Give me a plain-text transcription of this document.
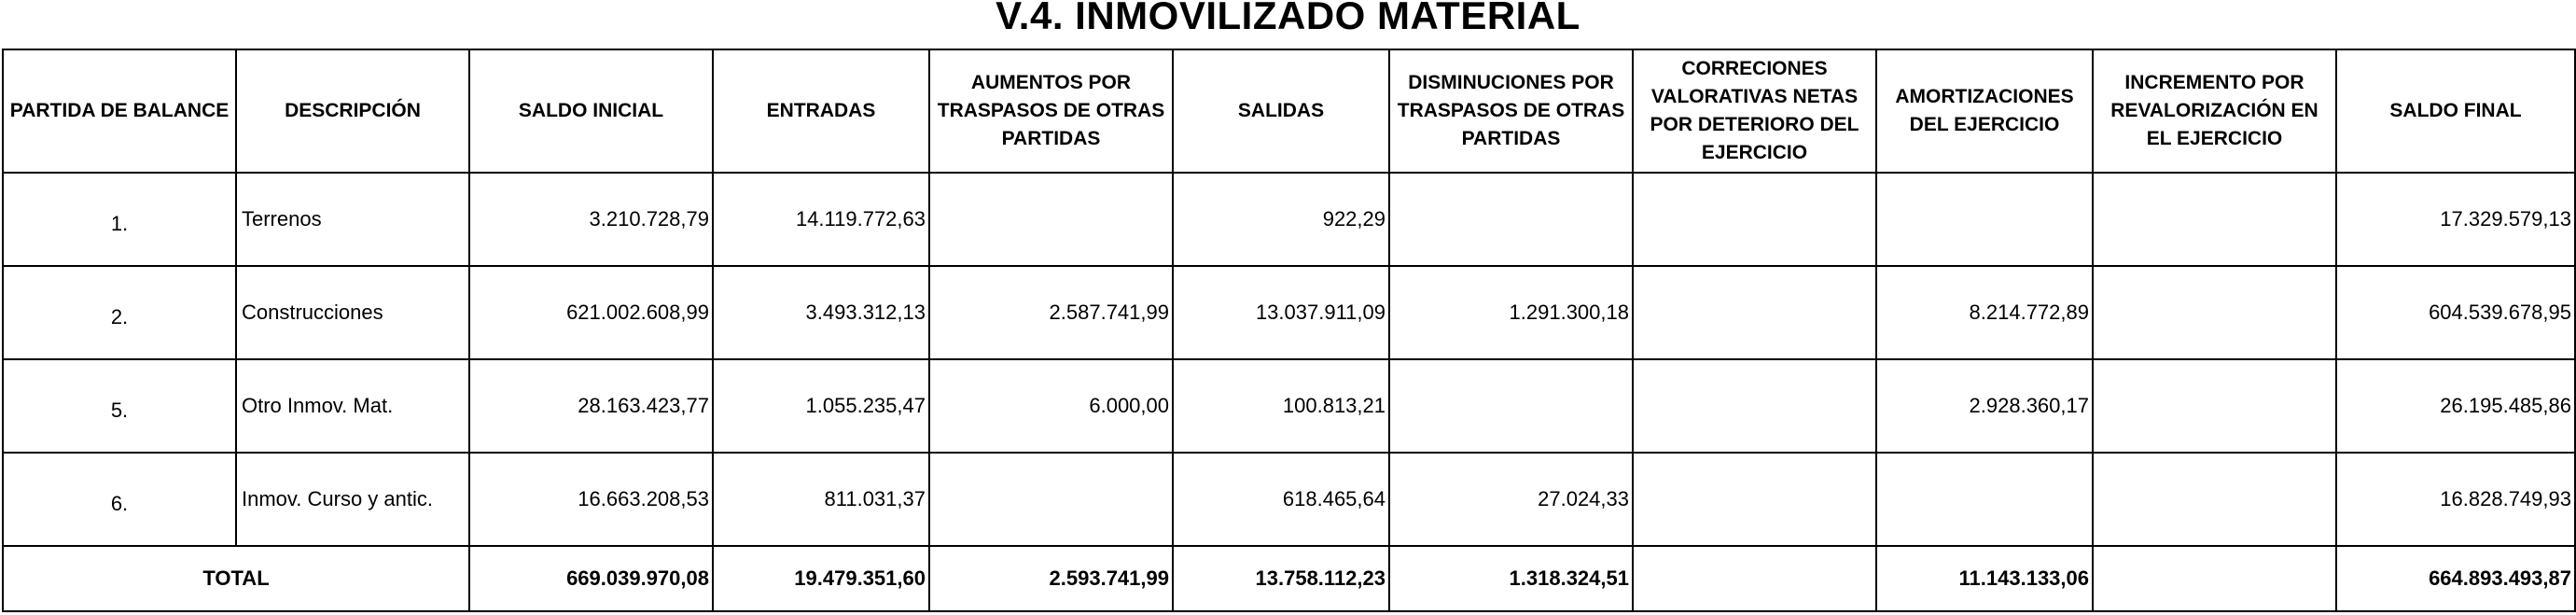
V.4. INMOVILIZADO MATERIAL
PARTIDA DE BALANCE	DESCRIPCIÓN	SALDO INICIAL	ENTRADAS	AUMENTOS POR TRASPASOS DE OTRAS PARTIDAS	SALIDAS	DISMINUCIONES POR TRASPASOS DE OTRAS PARTIDAS	CORRECIONES VALORATIVAS NETAS POR DETERIORO DEL EJERCICIO	AMORTIZACIONES DEL EJERCICIO	INCREMENTO POR REVALORIZACIÓN EN EL EJERCICIO	SALDO FINAL
1.	Terrenos	3.210.728,79	14.119.772,63		922,29					17.329.579,13
2.	Construcciones	621.002.608,99	3.493.312,13	2.587.741,99	13.037.911,09	1.291.300,18		8.214.772,89		604.539.678,95
5.	Otro Inmov. Mat.	28.163.423,77	1.055.235,47	6.000,00	100.813,21			2.928.360,17		26.195.485,86
6.	Inmov. Curso y antic.	16.663.208,53	811.031,37		618.465,64	27.024,33				16.828.749,93
TOTAL		669.039.970,08	19.479.351,60	2.593.741,99	13.758.112,23	1.318.324,51		11.143.133,06		664.893.493,87
